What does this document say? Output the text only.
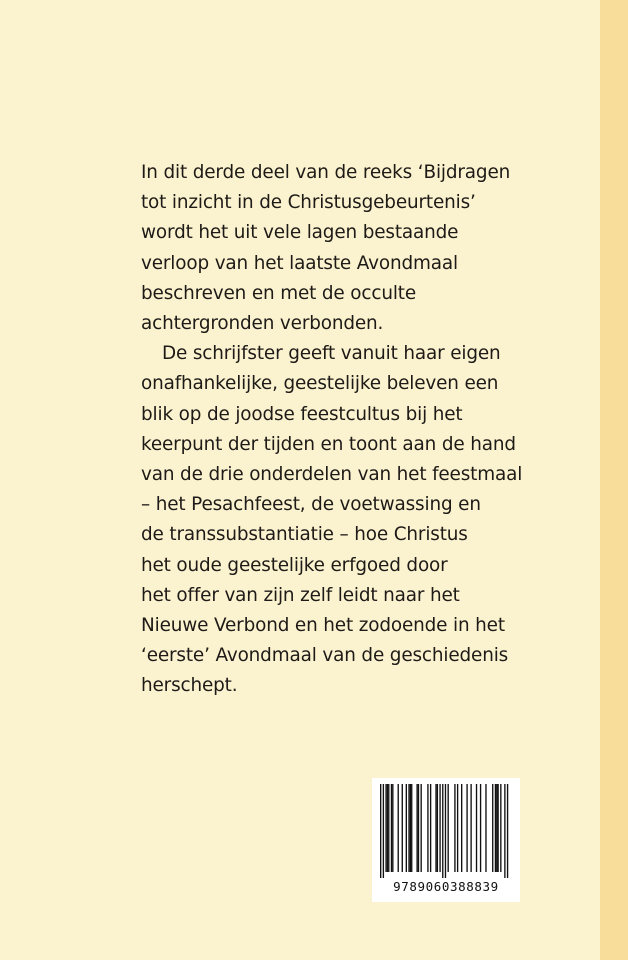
In dit derde deel van de reeks ‘Bijdragen
tot inzicht in de Christusgebeurtenis’
wordt het uit vele lagen bestaande
verloop van het laatste Avondmaal
beschreven en met de occulte
achtergronden verbonden.

De schrijfster geeft vanuit haar eigen
onafhankelijke, geestelijke beleven een
blik op de joodse feestcultus bij het
keerpunt der tijden en toont aan de hand
van de drie onderdelen van het feestmaal
– het Pesachfeest, de voetwassing en
de transsubstantiatie – hoe Christus
het oude geestelijke erfgoed door
het offer van zijn zelf leidt naar het
Nieuwe Verbond en het zodoende in het
‘eerste’ Avondmaal van de geschiedenis
herschept.

9789060388839
